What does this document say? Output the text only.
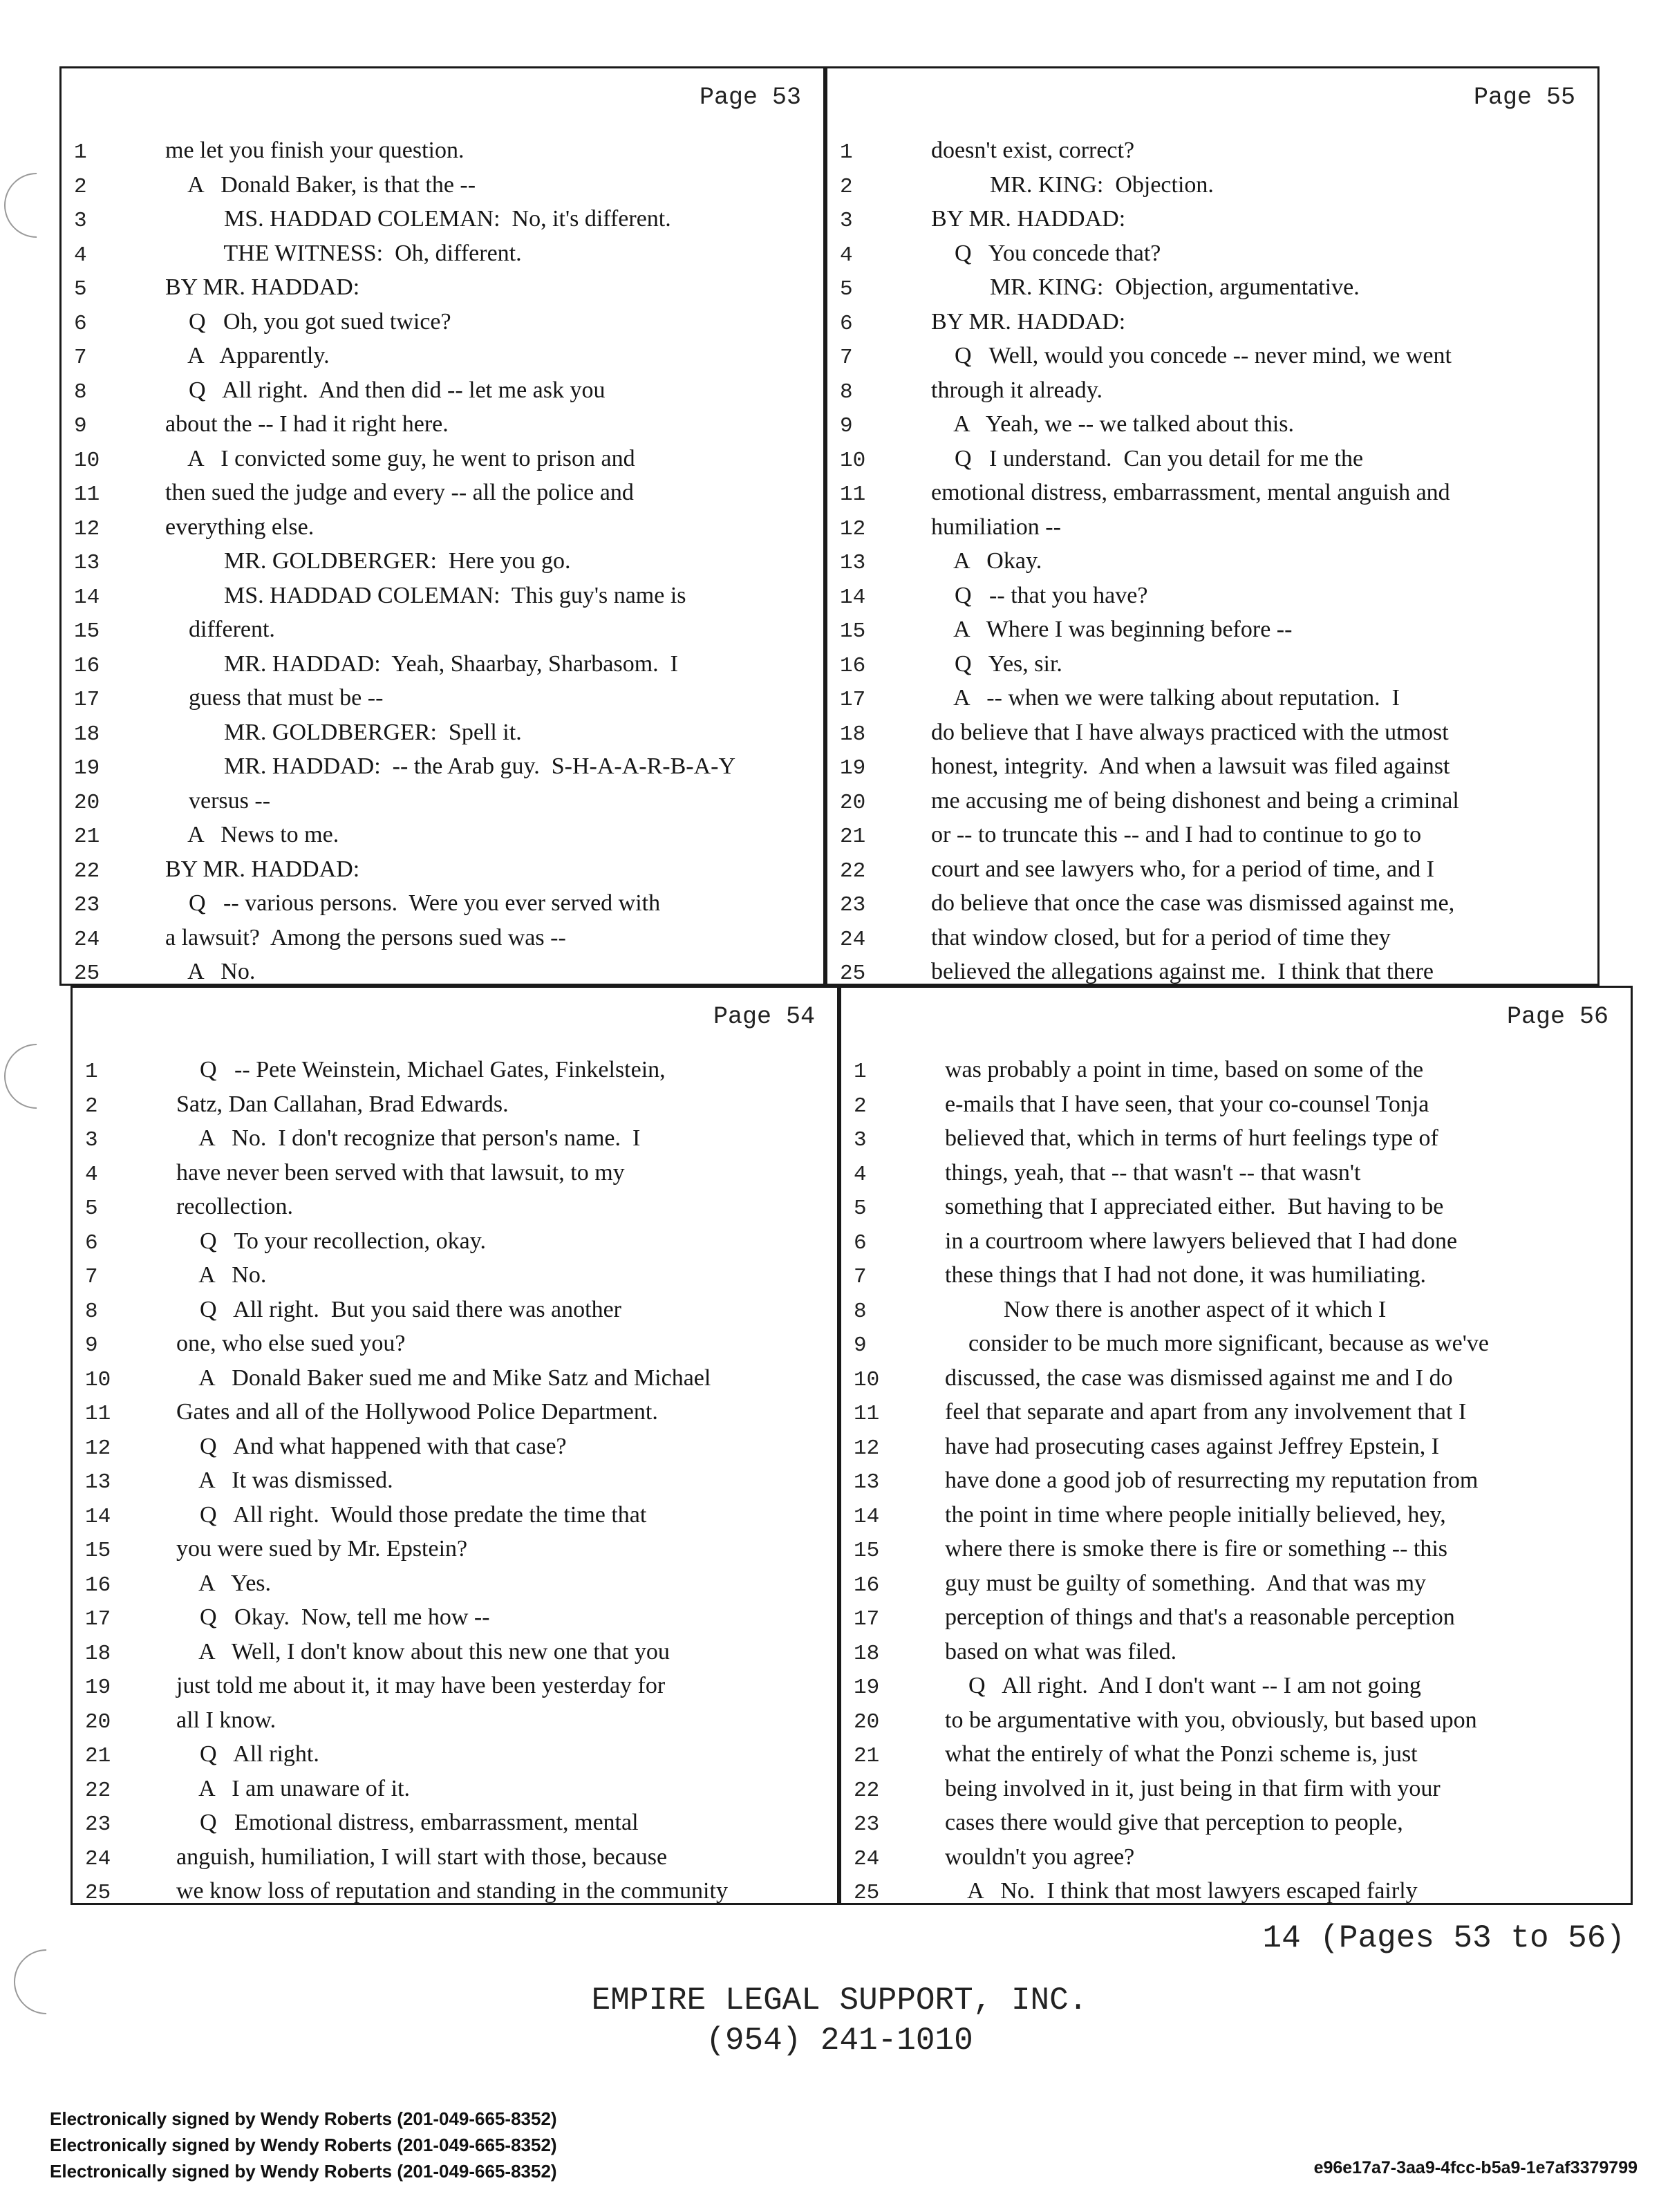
Page 53
1	me let you finish your question.
2	A   Donald Baker, is that the --
3	MS. HADDAD COLEMAN:  No, it's different.
4	THE WITNESS:  Oh, different.
5	BY MR. HADDAD:
6	Q   Oh, you got sued twice?
7	A   Apparently.
8	Q   All right.  And then did -- let me ask you
9	about the -- I had it right here.
10	A   I convicted some guy, he went to prison and
11	then sued the judge and every -- all the police and
12	everything else.
13	MR. GOLDBERGER:  Here you go.
14	MS. HADDAD COLEMAN:  This guy's name is
15	different.
16	MR. HADDAD:  Yeah, Shaarbay, Sharbasom.  I
17	guess that must be --
18	MR. GOLDBERGER:  Spell it.
19	MR. HADDAD:  -- the Arab guy.  S-H-A-A-R-B-A-Y
20	versus --
21	A   News to me.
22	BY MR. HADDAD:
23	Q   -- various persons.  Were you ever served with
24	a lawsuit?  Among the persons sued was --
25	A   No.
Page 55
1	doesn't exist, correct?
2	MR. KING:  Objection.
3	BY MR. HADDAD:
4	Q   You concede that?
5	MR. KING:  Objection, argumentative.
6	BY MR. HADDAD:
7	Q   Well, would you concede -- never mind, we went
8	through it already.
9	A   Yeah, we -- we talked about this.
10	Q   I understand.  Can you detail for me the
11	emotional distress, embarrassment, mental anguish and
12	humiliation --
13	A   Okay.
14	Q   -- that you have?
15	A   Where I was beginning before --
16	Q   Yes, sir.
17	A   -- when we were talking about reputation.  I
18	do believe that I have always practiced with the utmost
19	honest, integrity.  And when a lawsuit was filed against
20	me accusing me of being dishonest and being a criminal
21	or -- to truncate this -- and I had to continue to go to
22	court and see lawyers who, for a period of time, and I
23	do believe that once the case was dismissed against me,
24	that window closed, but for a period of time they
25	believed the allegations against me.  I think that there
Page 54
1	Q   -- Pete Weinstein, Michael Gates, Finkelstein,
2	Satz, Dan Callahan, Brad Edwards.
3	A   No.  I don't recognize that person's name.  I
4	have never been served with that lawsuit, to my
5	recollection.
6	Q   To your recollection, okay.
7	A   No.
8	Q   All right.  But you said there was another
9	one, who else sued you?
10	A   Donald Baker sued me and Mike Satz and Michael
11	Gates and all of the Hollywood Police Department.
12	Q   And what happened with that case?
13	A   It was dismissed.
14	Q   All right.  Would those predate the time that
15	you were sued by Mr. Epstein?
16	A   Yes.
17	Q   Okay.  Now, tell me how --
18	A   Well, I don't know about this new one that you
19	just told me about it, it may have been yesterday for
20	all I know.
21	Q   All right.
22	A   I am unaware of it.
23	Q   Emotional distress, embarrassment, mental
24	anguish, humiliation, I will start with those, because
25	we know loss of reputation and standing in the community
Page 56
1	was probably a point in time, based on some of the
2	e-mails that I have seen, that your co-counsel Tonja
3	believed that, which in terms of hurt feelings type of
4	things, yeah, that -- that wasn't -- that wasn't
5	something that I appreciated either.  But having to be
6	in a courtroom where lawyers believed that I had done
7	these things that I had not done, it was humiliating.
8	Now there is another aspect of it which I
9	consider to be much more significant, because as we've
10	discussed, the case was dismissed against me and I do
11	feel that separate and apart from any involvement that I
12	have had prosecuting cases against Jeffrey Epstein, I
13	have done a good job of resurrecting my reputation from
14	the point in time where people initially believed, hey,
15	where there is smoke there is fire or something -- this
16	guy must be guilty of something.  And that was my
17	perception of things and that's a reasonable perception
18	based on what was filed.
19	Q   All right.  And I don't want -- I am not going
20	to be argumentative with you, obviously, but based upon
21	what the entirely of what the Ponzi scheme is, just
22	being involved in it, just being in that firm with your
23	cases there would give that perception to people,
24	wouldn't you agree?
25	A   No.  I think that most lawyers escaped fairly
14 (Pages 53 to 56)
EMPIRE LEGAL SUPPORT, INC.
(954) 241-1010
Electronically signed by Wendy Roberts (201-049-665-8352)
Electronically signed by Wendy Roberts (201-049-665-8352)
Electronically signed by Wendy Roberts (201-049-665-8352)	e96e17a7-3aa9-4fcc-b5a9-1e7af3379799
